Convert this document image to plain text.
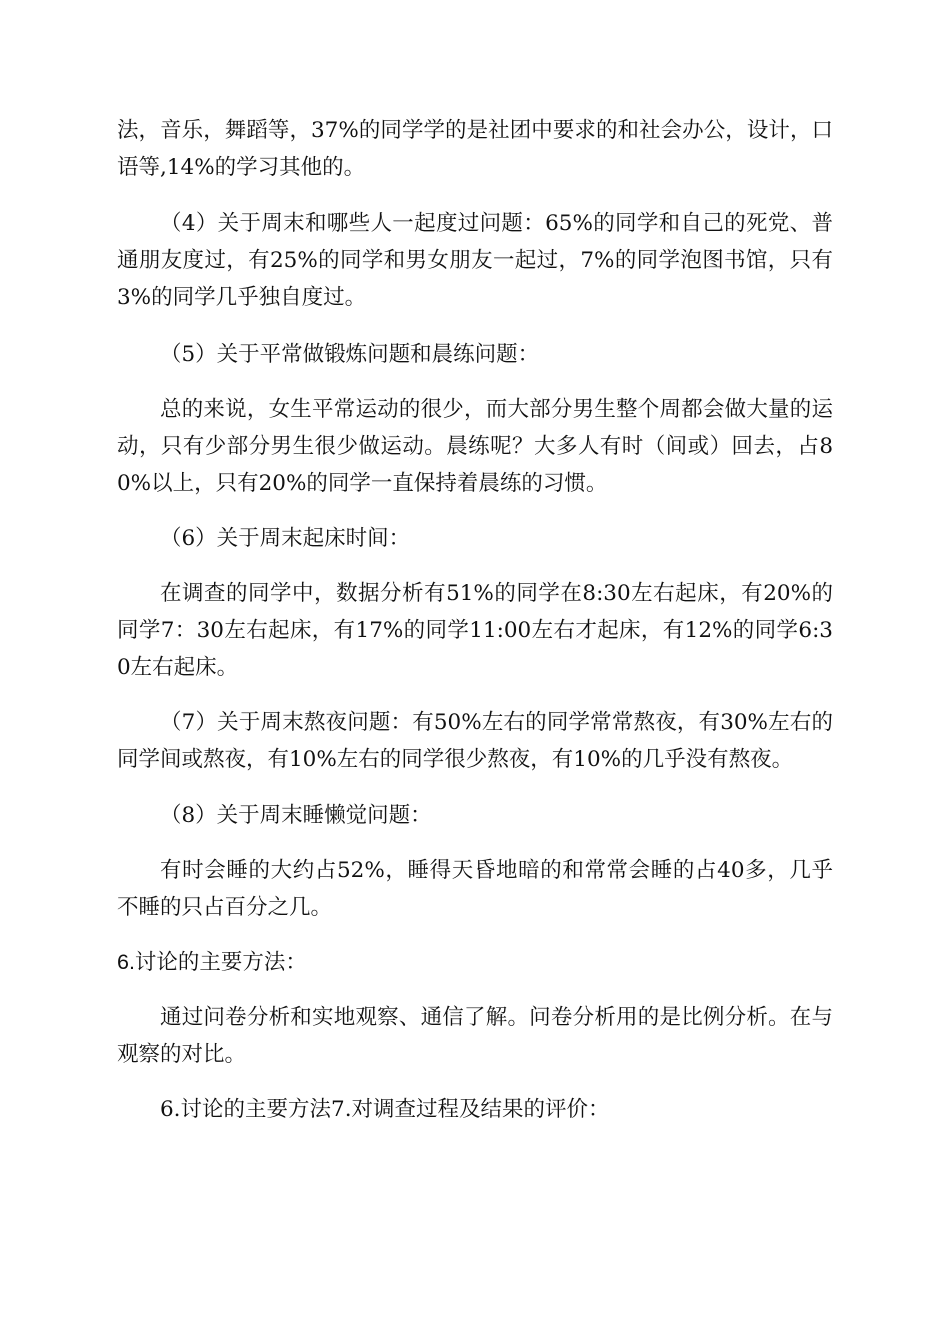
法，音乐，舞蹈等，37%的同学学的是社团中要求的和社会办公，设计，口语等,14%的学习其他的。

（4）关于周末和哪些人一起度过问题：65%的同学和自己的死党、普通朋友度过，有25%的同学和男女朋友一起过，7%的同学泡图书馆，只有3%的同学几乎独自度过。

（5）关于平常做锻炼问题和晨练问题：

总的来说，女生平常运动的很少，而大部分男生整个周都会做大量的运动，只有少部分男生很少做运动。晨练呢？大多人有时（间或）回去，占80%以上，只有20%的同学一直保持着晨练的习惯。

（6）关于周末起床时间：

在调查的同学中，数据分析有51%的同学在8:30左右起床，有20%的同学7：30左右起床，有17%的同学11:00左右才起床，有12%的同学6:30左右起床。

（7）关于周末熬夜问题：有50%左右的同学常常熬夜，有30%左右的同学间或熬夜，有10%左右的同学很少熬夜，有10%的几乎没有熬夜。

（8）关于周末睡懒觉问题：

有时会睡的大约占52%，睡得天昏地暗的和常常会睡的占40多，几乎不睡的只占百分之几。

6.讨论的主要方法：

通过问卷分析和实地观察、通信了解。问卷分析用的是比例分析。在与观察的对比。

6.讨论的主要方法7.对调查过程及结果的评价：
